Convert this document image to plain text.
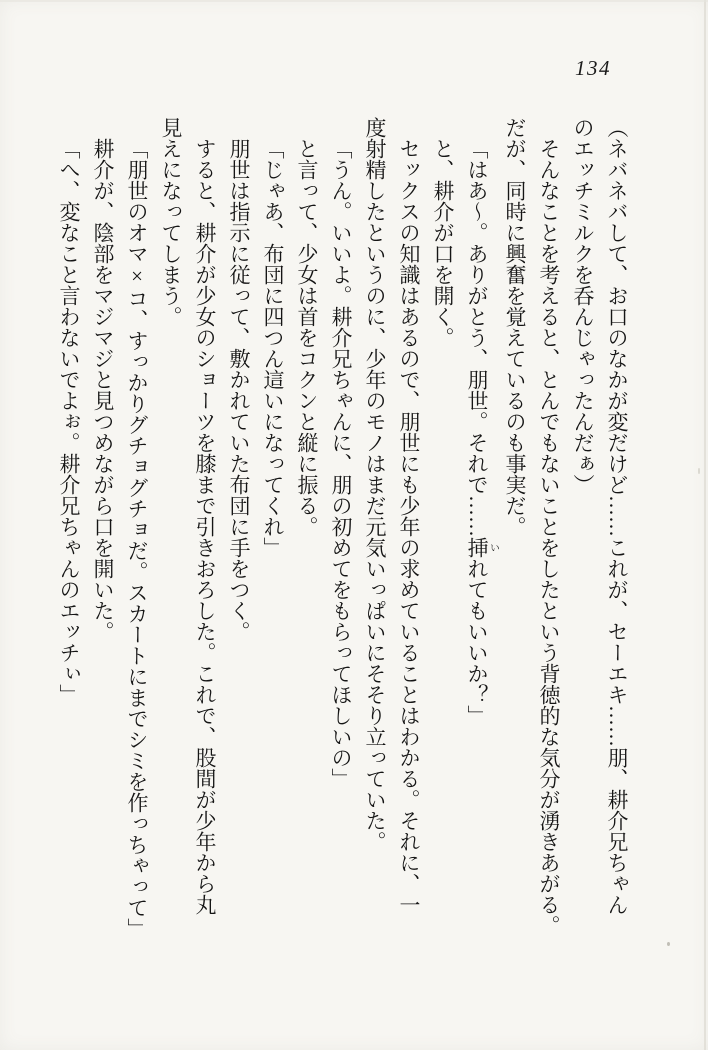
134

（ネバネバして、お口のなかが変だけど……これが、セーエキ……朋、耕介兄ちゃん

のエッチミルクを呑んじゃったんだぁ）

そんなことを考えると、とんでもないことをしたという背徳的な気分が湧きあがる。

だが、同時に興奮を覚えているのも事実だ。

「はあ～。ありがとう、朋世。それで……挿いれてもいいか？」

と、耕介が口を開く。

セックスの知識はあるので、朋世にも少年の求めていることはわかる。それに、一

度射精したというのに、少年のモノはまだ元気いっぱいにそそり立っていた。

「うん。いいよ。耕介兄ちゃんに、朋の初めてをもらってほしいの」

と言って、少女は首をコクンと縦に振る。

「じゃあ、布団に四つん這いになってくれ」

朋世は指示に従って、敷かれていた布団に手をつく。

すると、耕介が少女のショーツを膝まで引きおろした。これで、股間が少年から丸

見えになってしまう。

「朋世のオマ×コ、すっかりグチョグチョだ。スカートにまでシミを作っちゃって」

耕介が、陰部をマジマジと見つめながら口を開いた。

「へ、変なこと言わないでよぉ。耕介兄ちゃんのエッチぃ」
